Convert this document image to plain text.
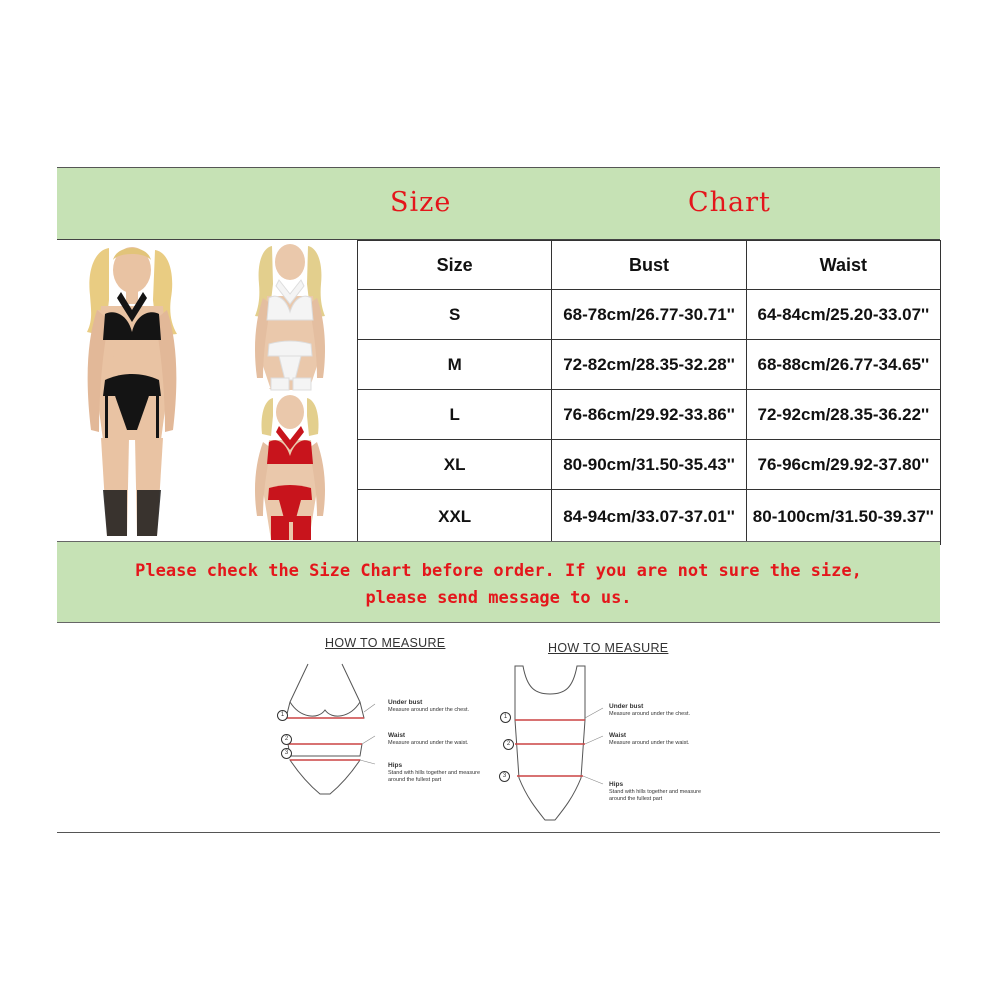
Size	Chart
Size	Bust	Waist
S	68-78cm/26.77-30.71''	64-84cm/25.20-33.07''
M	72-82cm/28.35-32.28''	68-88cm/26.77-34.65''
L	76-86cm/29.92-33.86''	72-92cm/28.35-36.22''
XL	80-90cm/31.50-35.43''	76-96cm/29.92-37.80''
XXL	84-94cm/33.07-37.01''	80-100cm/31.50-39.37''
Please check the Size Chart before order. If you are not sure the size,
please send message to us.
HOW TO MEASURE
1
2
3
Under bust
Measure around under the chest.
Waist
Measure around under the waist.
Hips
Stand with hills together and measure
around the fullest part
HOW TO MEASURE
1
2
3
Under bust
Measure around under the chest.
Waist
Measure around under the waist.
Hips
Stand with hills together and measure
around the fullest part
